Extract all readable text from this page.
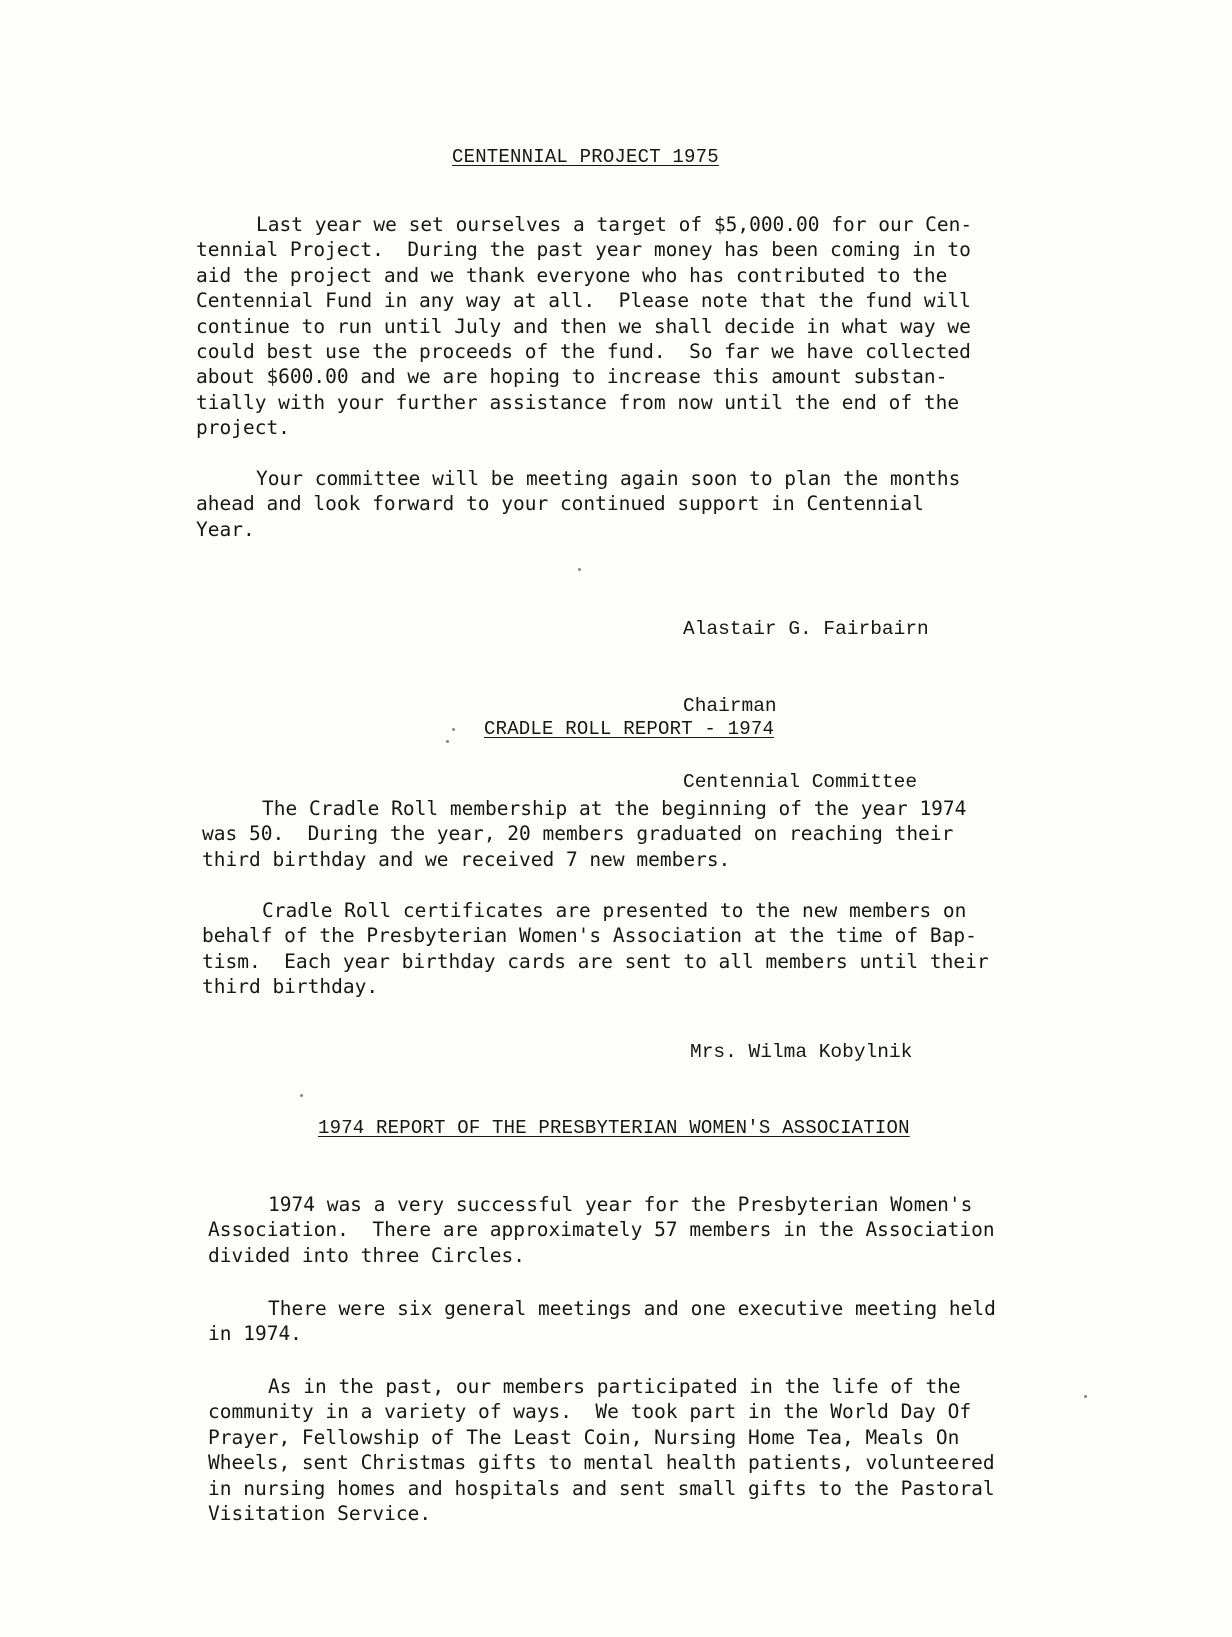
CENTENNIAL PROJECT 1975
Last year we set ourselves a target of $5,000.00 for our Cen-
tennial Project.  During the past year money has been coming in to
aid the project and we thank everyone who has contributed to the
Centennial Fund in any way at all.  Please note that the fund will
continue to run until July and then we shall decide in what way we
could best use the proceeds of the fund.  So far we have collected
about $600.00 and we are hoping to increase this amount substan-
tially with your further assistance from now until the end of the
project.
Your committee will be meeting again soon to plan the months
ahead and look forward to your continued support in Centennial
Year.

Alastair G. Fairbairn

Chairman

Centennial Committee

CRADLE ROLL REPORT - 1974
The Cradle Roll membership at the beginning of the year 1974
was 50.  During the year, 20 members graduated on reaching their
third birthday and we received 7 new members.
Cradle Roll certificates are presented to the new members on
behalf of the Presbyterian Women's Association at the time of Bap-
tism.  Each year birthday cards are sent to all members until their
third birthday.
Mrs. Wilma Kobylnik
1974 REPORT OF THE PRESBYTERIAN WOMEN'S ASSOCIATION
1974 was a very successful year for the Presbyterian Women's
Association.  There are approximately 57 members in the Association
divided into three Circles.
There were six general meetings and one executive meeting held
in 1974.
As in the past, our members participated in the life of the
community in a variety of ways.  We took part in the World Day Of
Prayer, Fellowship of The Least Coin, Nursing Home Tea, Meals On
Wheels, sent Christmas gifts to mental health patients, volunteered
in nursing homes and hospitals and sent small gifts to the Pastoral
Visitation Service.
